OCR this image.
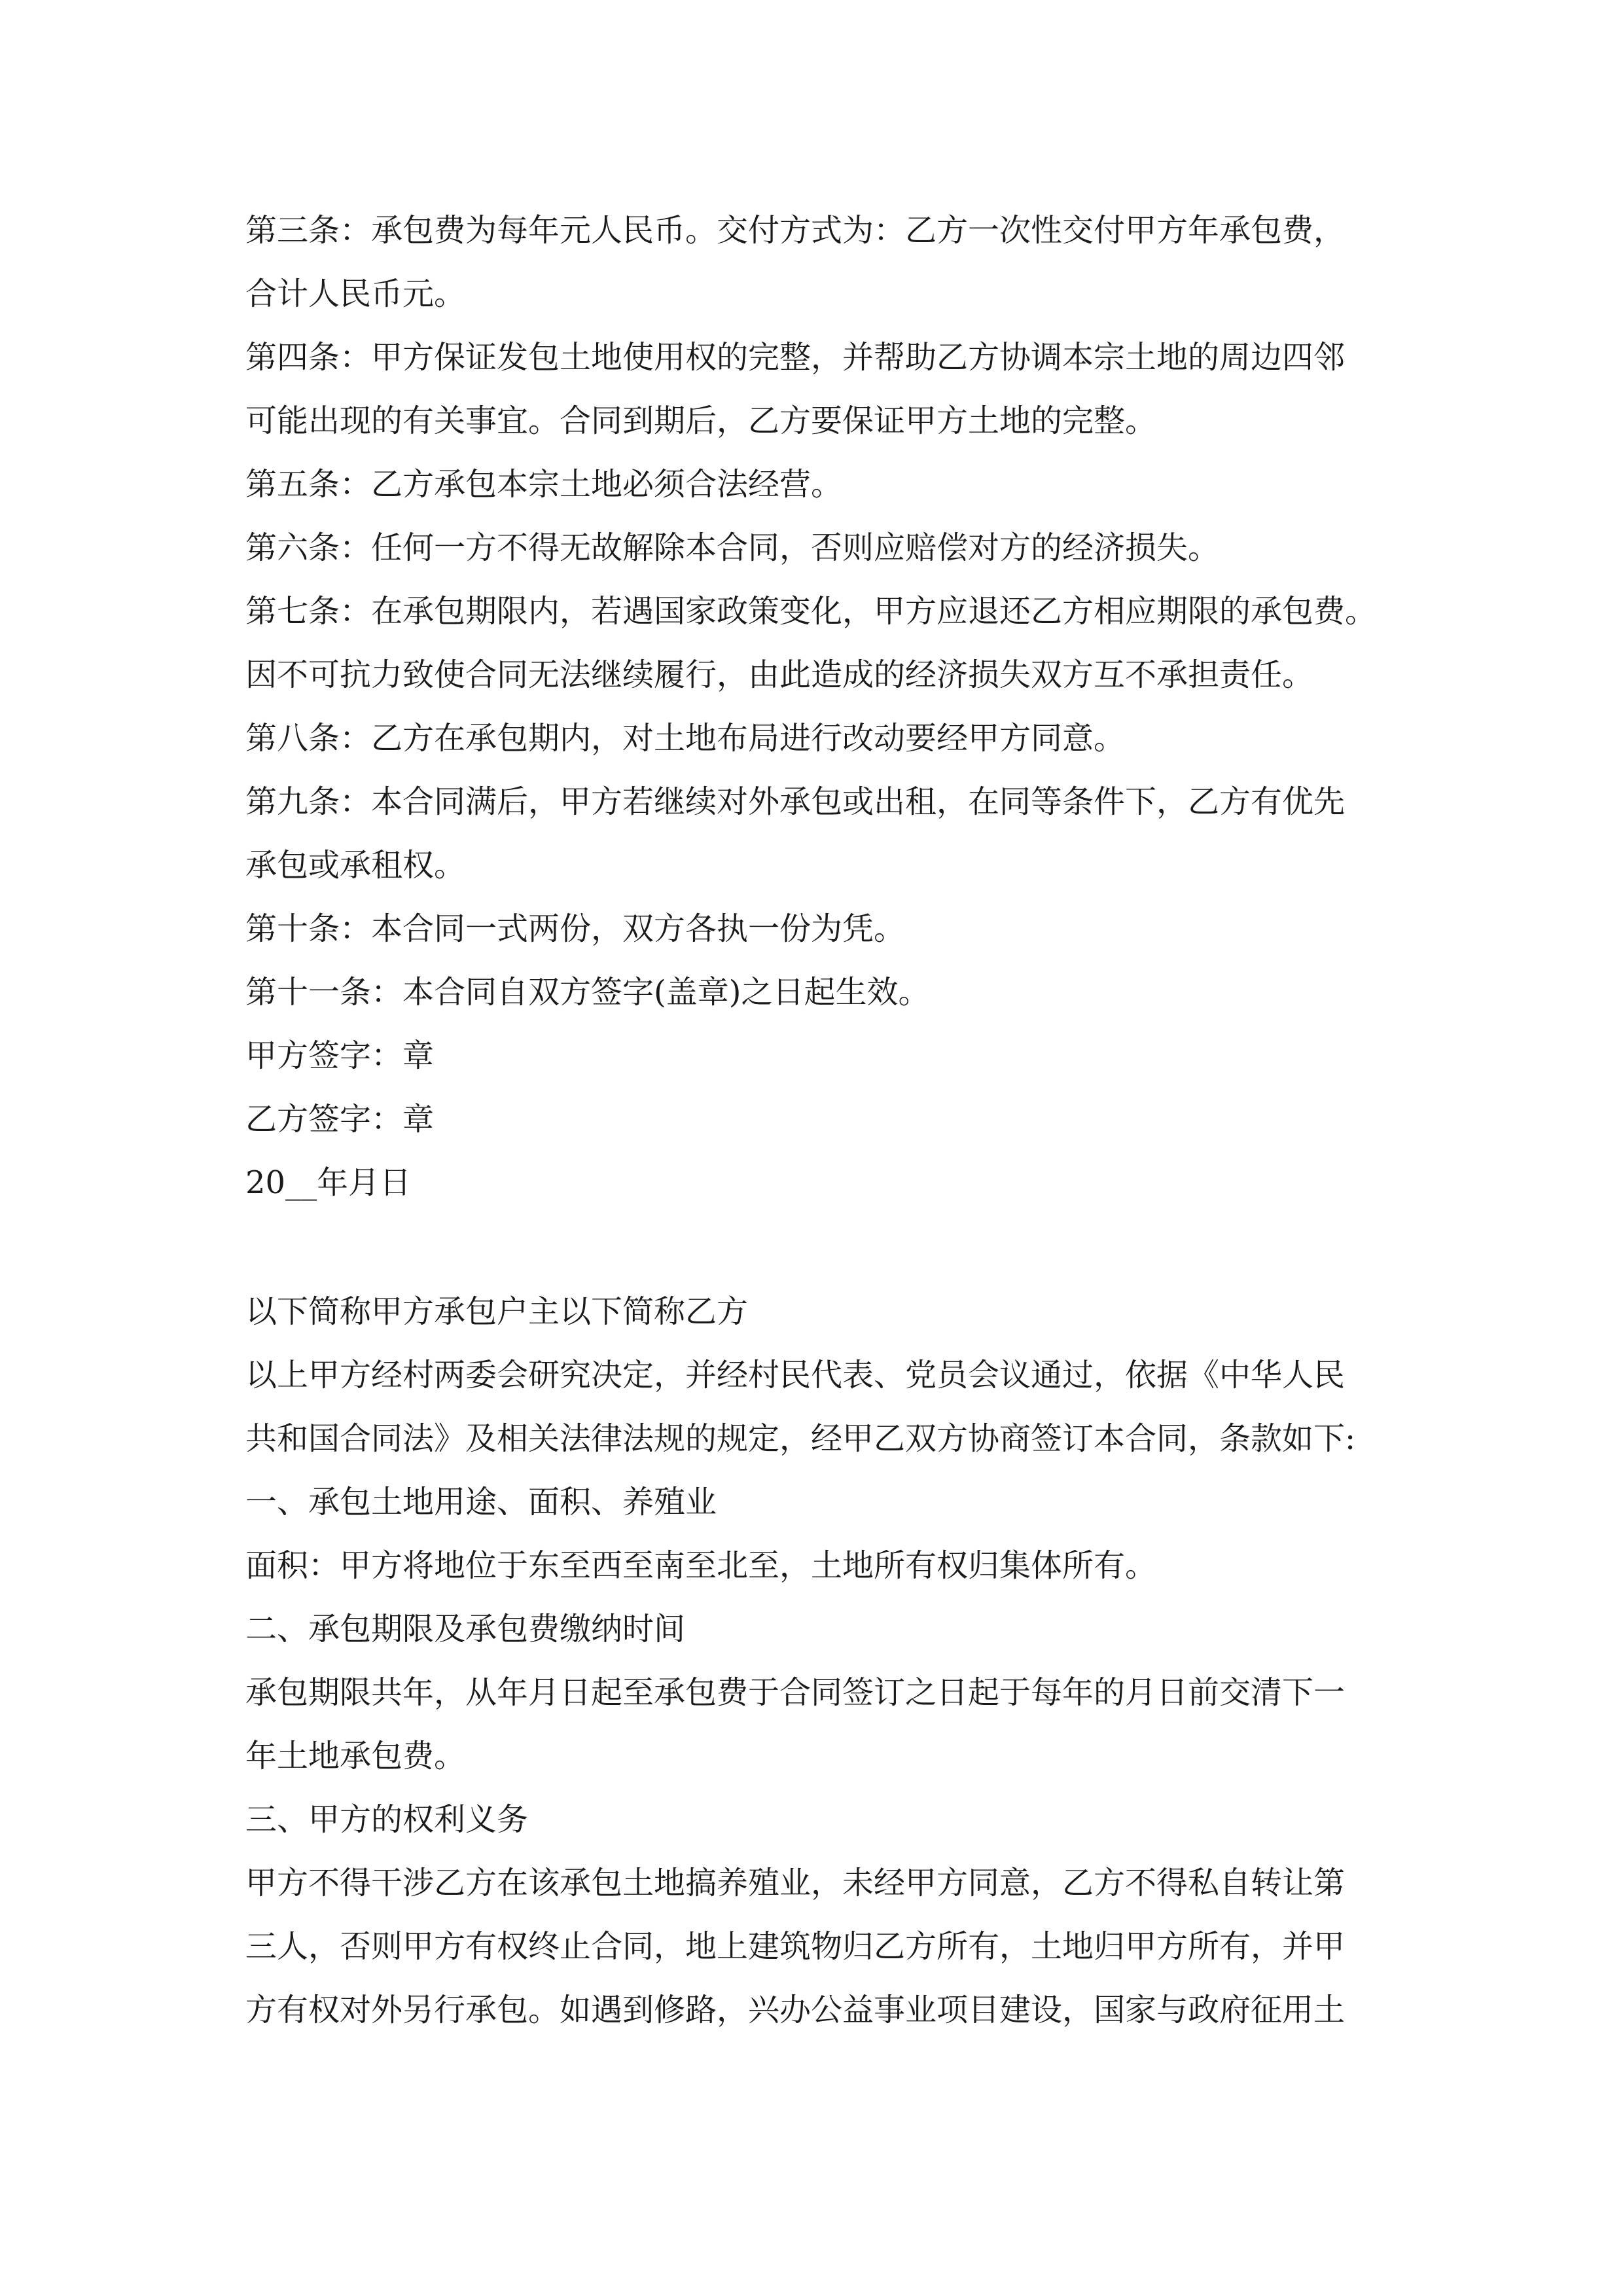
第三条：承包费为每年元人民币。交付方式为：乙方一次性交付甲方年承包费，

合计人民币元。

第四条：甲方保证发包土地使用权的完整，并帮助乙方协调本宗土地的周边四邻

可能出现的有关事宜。合同到期后，乙方要保证甲方土地的完整。

第五条：乙方承包本宗土地必须合法经营。

第六条：任何一方不得无故解除本合同，否则应赔偿对方的经济损失。

第七条：在承包期限内，若遇国家政策变化，甲方应退还乙方相应期限的承包费。

因不可抗力致使合同无法继续履行，由此造成的经济损失双方互不承担责任。

第八条：乙方在承包期内，对土地布局进行改动要经甲方同意。

第九条：本合同满后，甲方若继续对外承包或出租，在同等条件下，乙方有优先

承包或承租权。

第十条：本合同一式两份，双方各执一份为凭。

第十一条：本合同自双方签字(盖章)之日起生效。

甲方签字：章

乙方签字：章

20__年月日

以下简称甲方承包户主以下简称乙方

以上甲方经村两委会研究决定，并经村民代表、党员会议通过，依据《中华人民

共和国合同法》及相关法律法规的规定，经甲乙双方协商签订本合同，条款如下:

一、承包土地用途、面积、养殖业

面积：甲方将地位于东至西至南至北至，土地所有权归集体所有。

二、承包期限及承包费缴纳时间

承包期限共年，从年月日起至承包费于合同签订之日起于每年的月日前交清下一

年土地承包费。

三、甲方的权利义务

甲方不得干涉乙方在该承包土地搞养殖业，未经甲方同意，乙方不得私自转让第

三人，否则甲方有权终止合同，地上建筑物归乙方所有，土地归甲方所有，并甲

方有权对外另行承包。如遇到修路，兴办公益事业项目建设，国家与政府征用土
